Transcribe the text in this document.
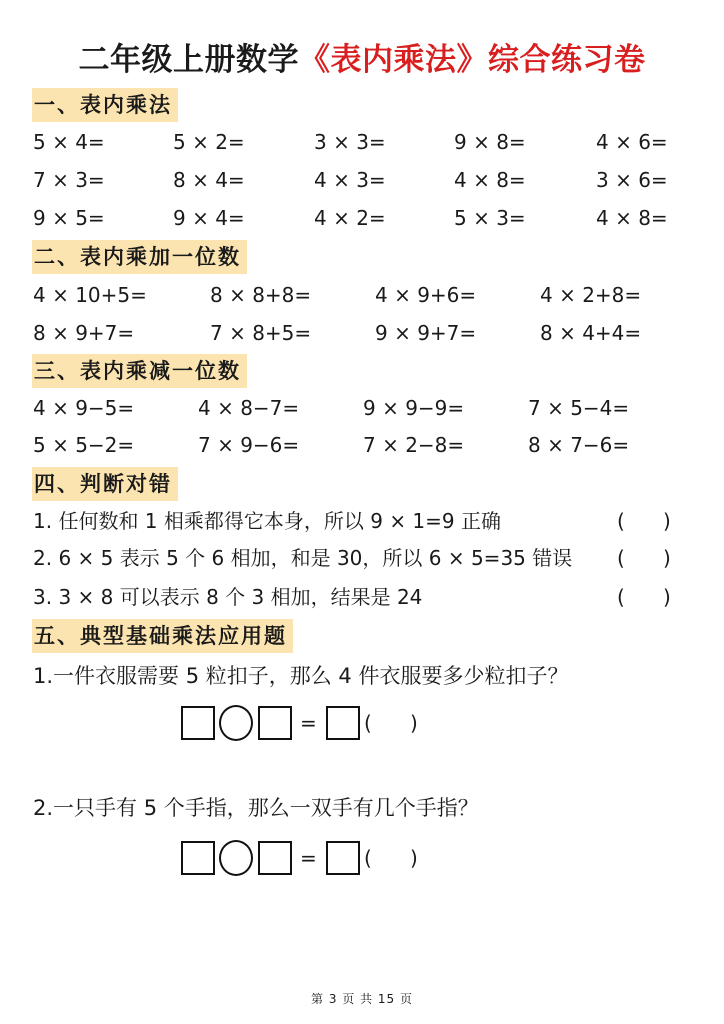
二年级上册数学《表内乘法》综合练习卷
一、表内乘法
5 × 4=	5 × 2=	3 × 3=	9 × 8=	4 × 6=
7 × 3=	8 × 4=	4 × 3=	4 × 8=	3 × 6=
9 × 5=	9 × 4=	4 × 2=	5 × 3=	4 × 8=
二、表内乘加一位数
4 × 10+5=	8 × 8+8=	4 × 9+6=	4 × 2+8=
8 × 9+7=	7 × 8+5=	9 × 9+7=	8 × 4+4=
三、表内乘减一位数
4 × 9−5=	4 × 8−7=	9 × 9−9=	7 × 5−4=
5 × 5−2=	7 × 9−6=	7 × 2−8=	8 × 7−6=
四、判断对错
1. 任何数和 1 相乘都得它本身，所以 9 × 1=9 正确	(      )
2. 6 × 5 表示 5 个 6 相加，和是 30，所以 6 × 5=35 错误 (      )
3. 3 × 8 可以表示 8 个 3 相加，结果是 24	(      )
五、典型基础乘法应用题
1.一件衣服需要 5 粒扣子，那么 4 件衣服要多少粒扣子？
= (      )
2.一只手有 5 个手指，那么一双手有几个手指？
= (      )
第 3 页 共 15 页
